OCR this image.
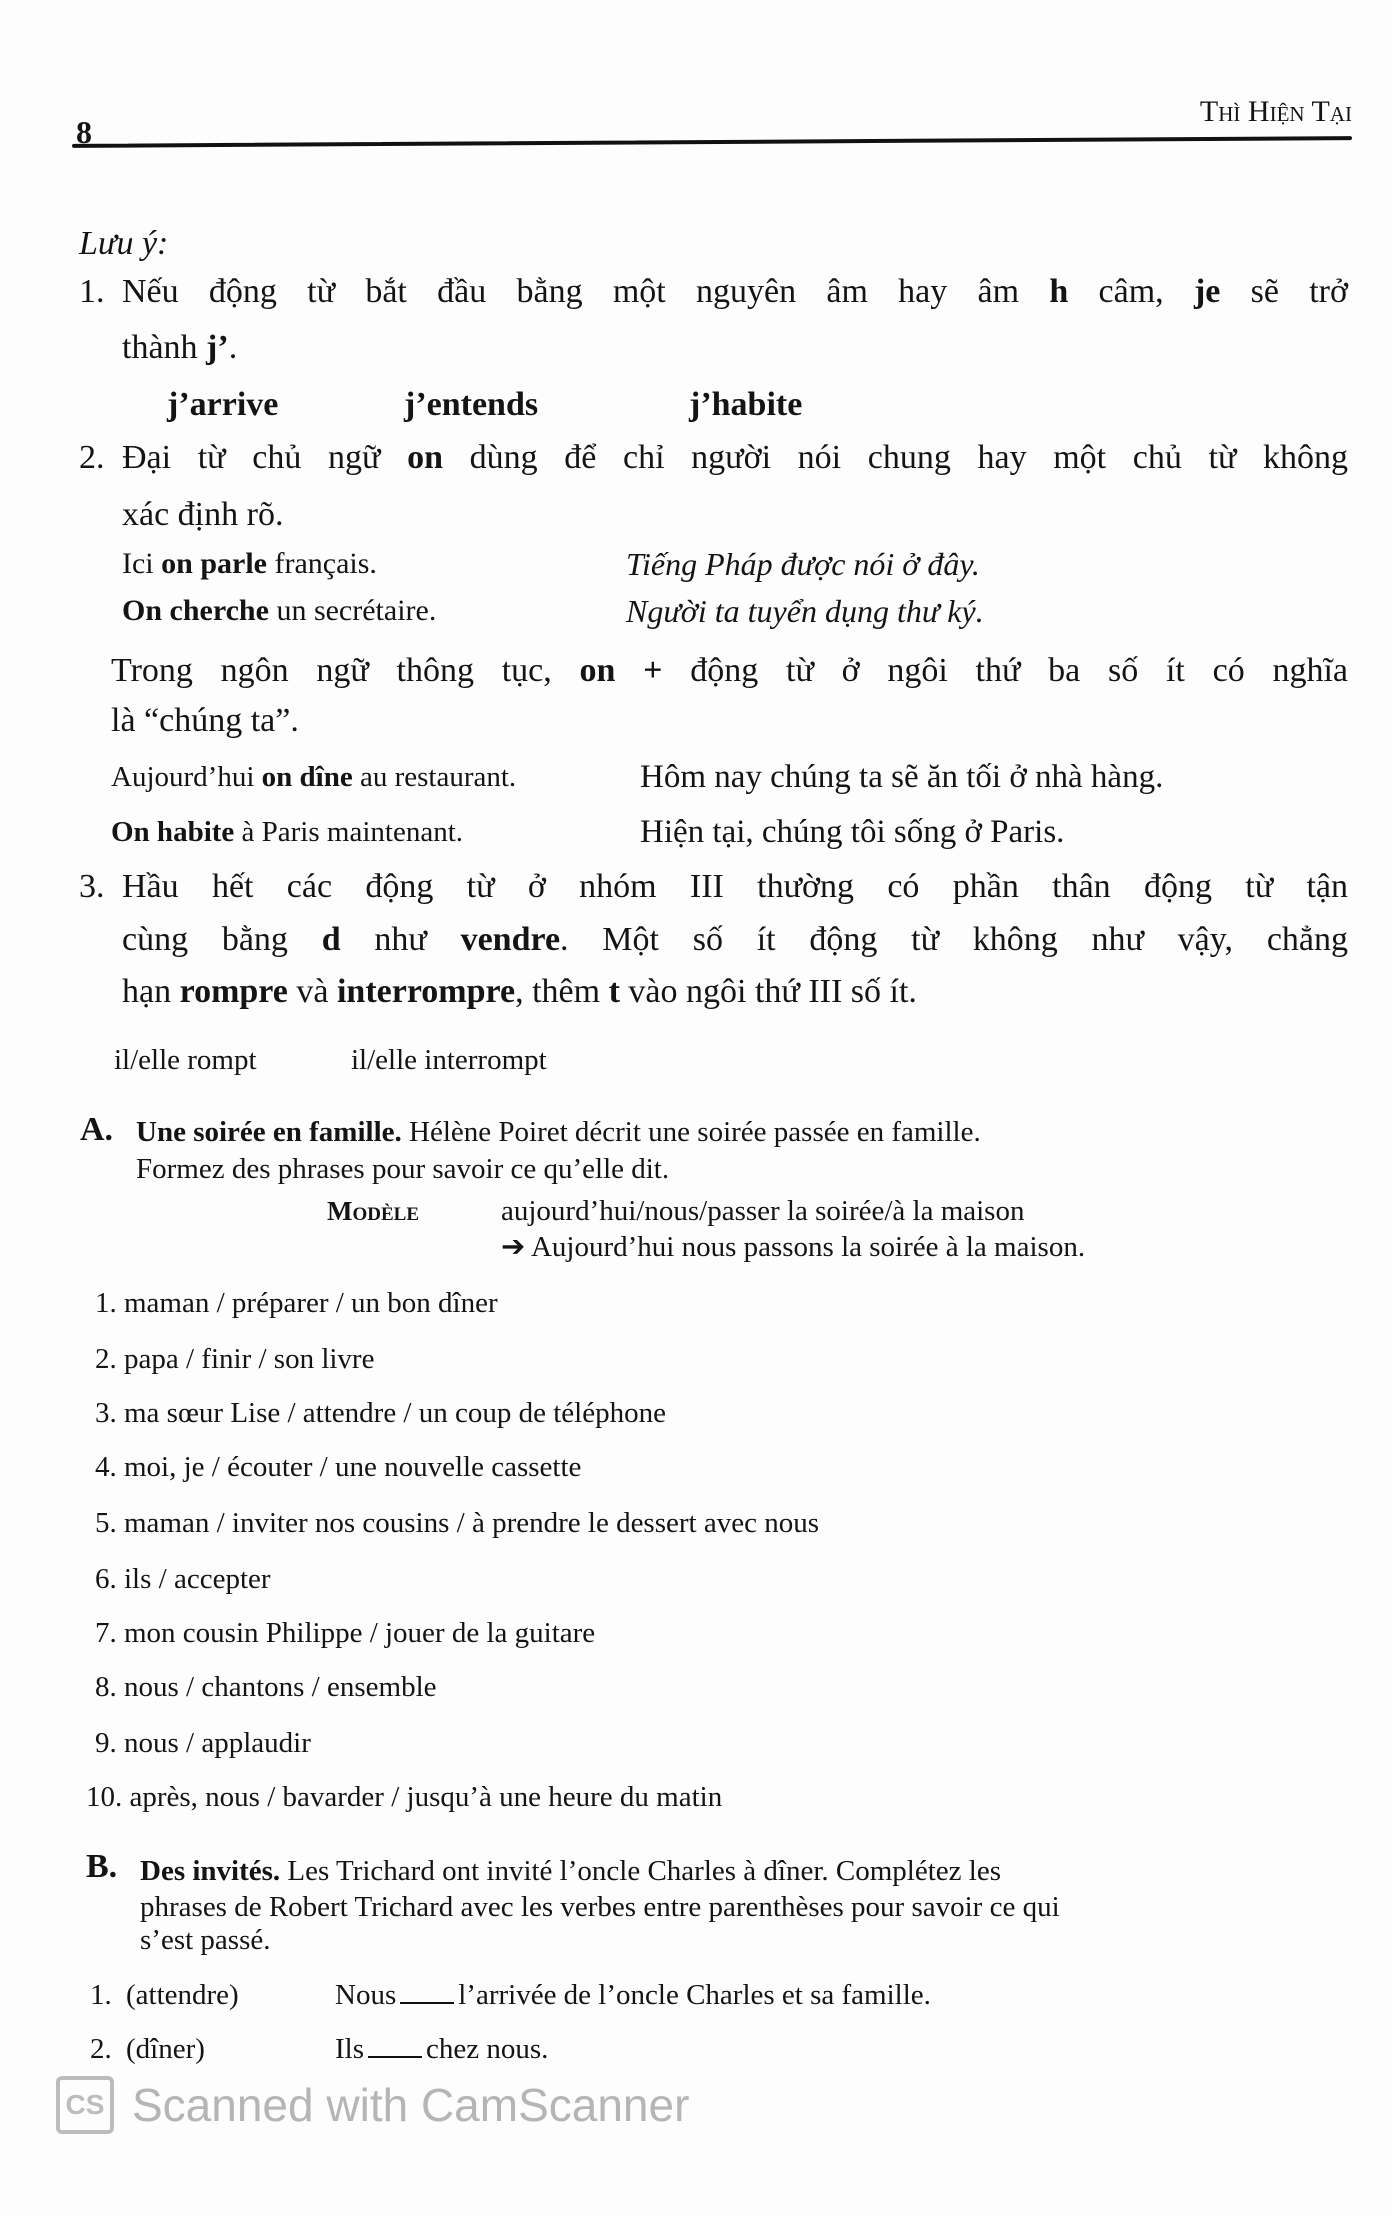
8
Thì Hiện Tại
Lưu ý:
1. Nếu động từ bắt đầu bằng một nguyên âm hay âm h câm, je sẽ trở
thành j’.
j’arrive	j’entends	j’habite
2. Đại từ chủ ngữ on dùng để chỉ người nói chung hay một chủ từ không
xác định rõ.
Ici on parle français.	Tiếng Pháp được nói ở đây.
On cherche un secrétaire.	Người ta tuyển dụng thư ký.
Trong ngôn ngữ thông tục, on + động từ ở ngôi thứ ba số ít có nghĩa
là “chúng ta”.
Aujourd’hui on dîne au restaurant.	Hôm nay chúng ta sẽ ăn tối ở nhà hàng.
On habite à Paris maintenant.	Hiện tại, chúng tôi sống ở Paris.
3. Hầu hết các động từ ở nhóm III thường có phần thân động từ tận
cùng bằng d như vendre. Một số ít động từ không như vậy, chẳng
hạn rompre và interrompre, thêm t vào ngôi thứ III số ít.
il/elle rompt	il/elle interrompt
A. Une soirée en famille. Hélène Poiret décrit une soirée passée en famille.
Formez des phrases pour savoir ce qu’elle dit.
Modèle	aujourd’hui/nous/passer la soirée/à la maison
➔ Aujourd’hui nous passons la soirée à la maison.
1. maman / préparer / un bon dîner
2. papa / finir / son livre
3. ma sœur Lise / attendre / un coup de téléphone
4. moi, je / écouter / une nouvelle cassette
5. maman / inviter nos cousins / à prendre le dessert avec nous
6. ils / accepter
7. mon cousin Philippe / jouer de la guitare
8. nous / chantons / ensemble
9. nous / applaudir
10. après, nous / bavarder / jusqu’à une heure du matin
B. Des invités. Les Trichard ont invité l’oncle Charles à dîner. Complétez les
phrases de Robert Trichard avec les verbes entre parenthèses pour savoir ce qui
s’est passé.
1. (attendre)	Nous l’arrivée de l’oncle Charles et sa famille.
2. (dîner)	Ils chez nous.
CS Scanned with CamScanner
